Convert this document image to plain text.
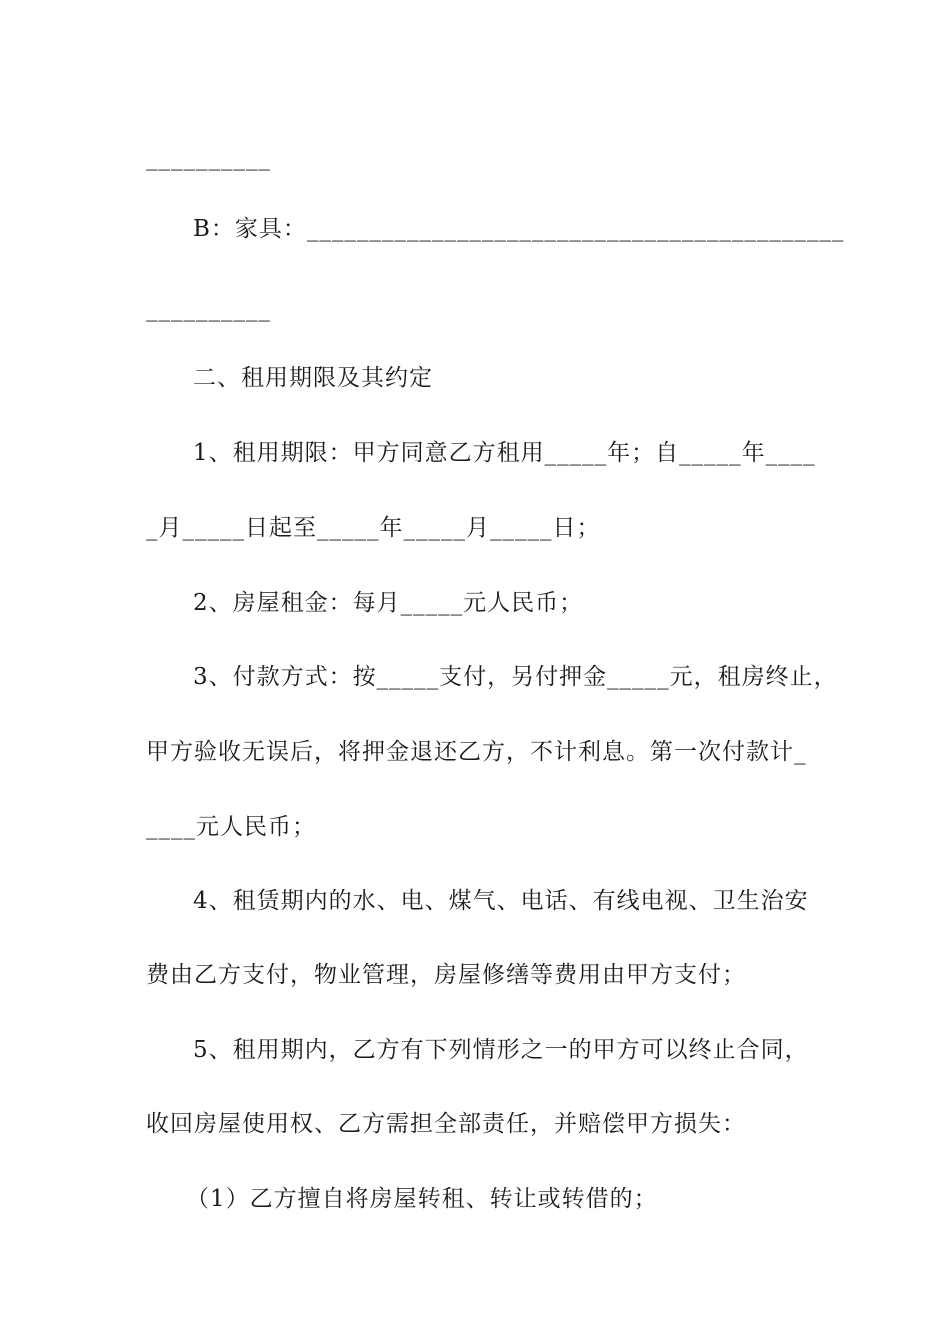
__________
B：家具：___________________________________________
__________
二、租用期限及其约定
1、租用期限：甲方同意乙方租用_____年；自_____年____
_月_____日起至_____年_____月_____日；
2、房屋租金：每月_____元人民币；
3、付款方式：按_____支付，另付押金_____元，租房终止，
甲方验收无误后，将押金退还乙方，不计利息。第一次付款计_
____元人民币；
4、租赁期内的水、电、煤气、电话、有线电视、卫生治安
费由乙方支付，物业管理，房屋修缮等费用由甲方支付；
5、租用期内，乙方有下列情形之一的甲方可以终止合同，
收回房屋使用权、乙方需担全部责任，并赔偿甲方损失：
（1）乙方擅自将房屋转租、转让或转借的；
